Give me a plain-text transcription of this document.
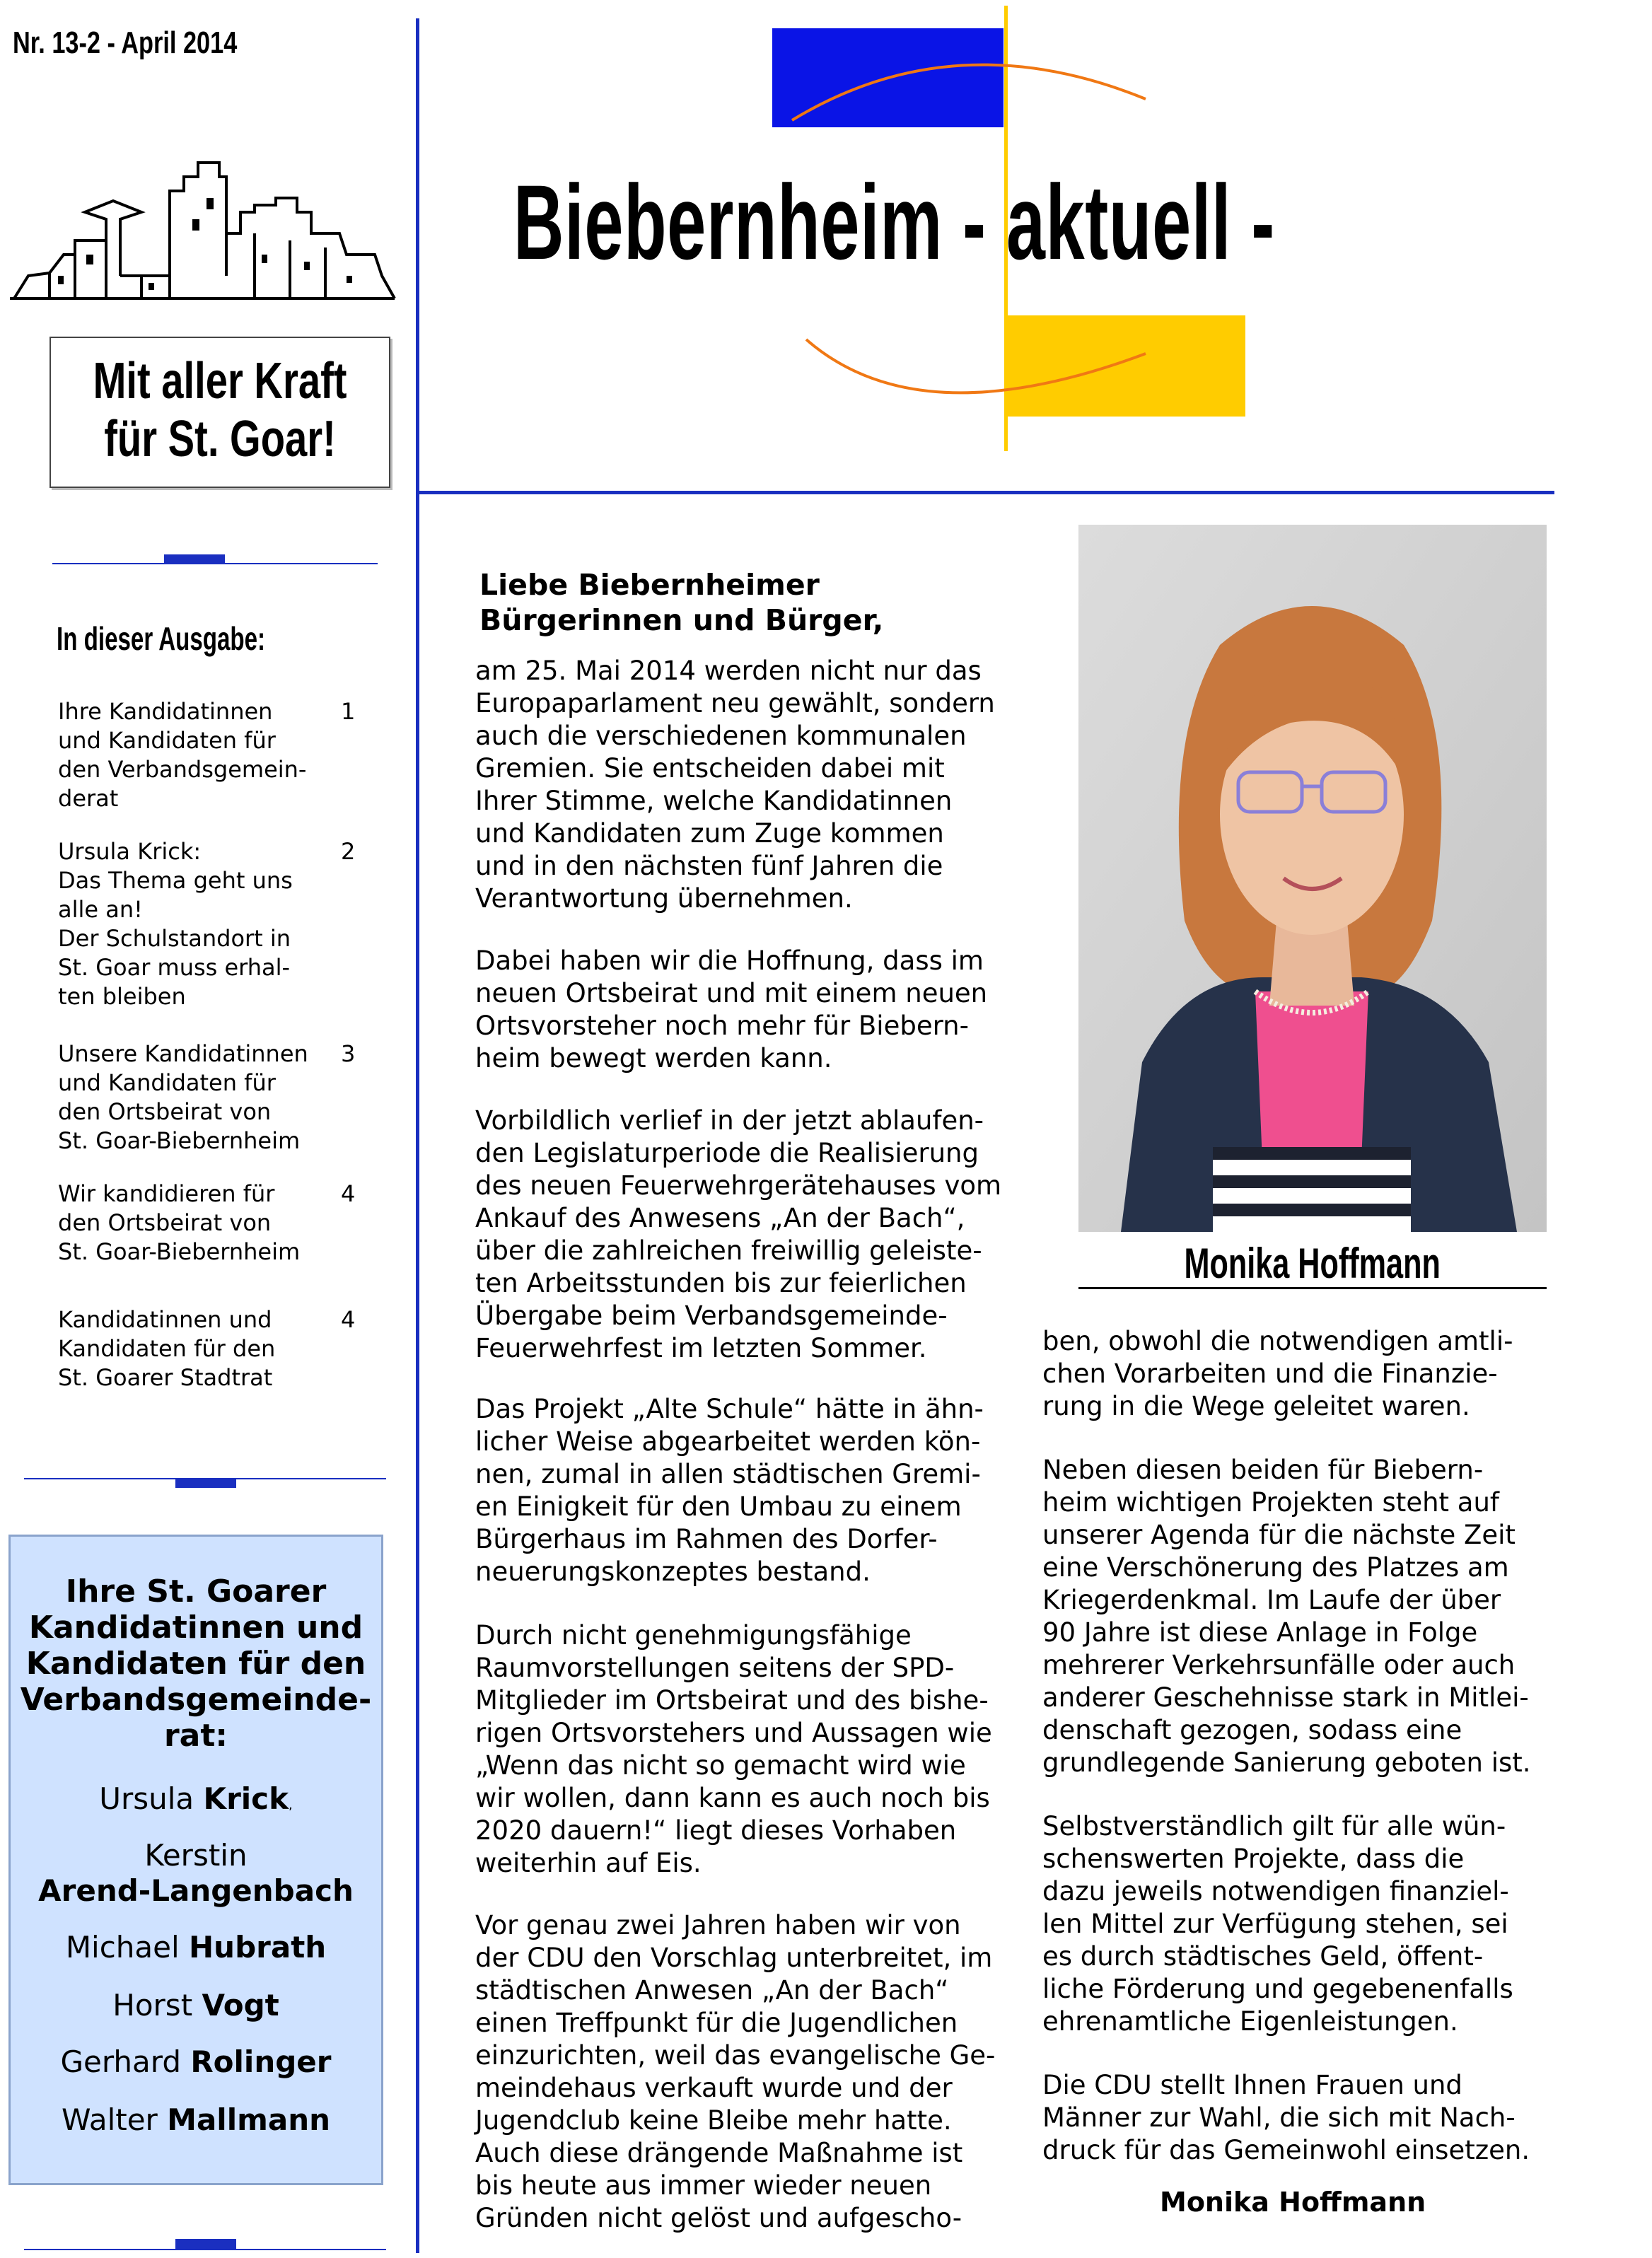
Nr. 13-2 - April 2014
Biebernheim - aktuell -
Mit aller Kraft
für St. Goar!
In dieser Ausgabe:
Ihre Kandidatinnen
und Kandidaten für
den Verbandsgemein-
derat
1
Ursula Krick:
Das Thema geht uns
alle an!
Der Schulstandort in
St. Goar muss erhal-
ten bleiben
2
Unsere Kandidatinnen
und Kandidaten für
den Ortsbeirat von
St. Goar-Biebernheim
3
Wir kandidieren für
den Ortsbeirat von
St. Goar-Biebernheim
4
Kandidatinnen und
Kandidaten für den
St. Goarer Stadtrat
4
Ihre St. Goarer
Kandidatinnen und
Kandidaten für den
Verbandsgemeinde-
rat:
Ursula Krick,
Kerstin
Arend-Langenbach
Michael Hubrath
Horst Vogt
Gerhard Rolinger
Walter Mallmann
Liebe Biebernheimer
Bürgerinnen und Bürger,
am 25. Mai 2014 werden nicht nur das
Europaparlament neu gewählt, sondern
auch die verschiedenen kommunalen
Gremien. Sie entscheiden dabei mit
Ihrer Stimme, welche Kandidatinnen
und Kandidaten zum Zuge kommen
und in den nächsten fünf Jahren die
Verantwortung übernehmen.
Dabei haben wir die Hoffnung, dass im
neuen Ortsbeirat und mit einem neuen
Ortsvorsteher noch mehr für Biebern-
heim bewegt werden kann.
Vorbildlich verlief in der jetzt ablaufen-
den Legislaturperiode die Realisierung
des neuen Feuerwehrgerätehauses vom
Ankauf des Anwesens „An der Bach“,
über die zahlreichen freiwillig geleiste-
ten Arbeitsstunden bis zur feierlichen
Übergabe beim Verbandsgemeinde-
Feuerwehrfest im letzten Sommer.
Das Projekt „Alte Schule“ hätte in ähn-
licher Weise abgearbeitet werden kön-
nen, zumal in allen städtischen Gremi-
en Einigkeit für den Umbau zu einem
Bürgerhaus im Rahmen des Dorfer-
neuerungskonzeptes bestand.
Durch nicht genehmigungsfähige
Raumvorstellungen seitens der SPD-
Mitglieder im Ortsbeirat und des bishe-
rigen Ortsvorstehers und Aussagen wie
„Wenn das nicht so gemacht wird wie
wir wollen, dann kann es auch noch bis
2020 dauern!“ liegt dieses Vorhaben
weiterhin auf Eis.
Vor genau zwei Jahren haben wir von
der CDU den Vorschlag unterbreitet, im
städtischen Anwesen „An der Bach“
einen Treffpunkt für die Jugendlichen
einzurichten, weil das evangelische Ge-
meindehaus verkauft wurde und der
Jugendclub keine Bleibe mehr hatte.
Auch diese drängende Maßnahme ist
bis heute aus immer wieder neuen
Gründen nicht gelöst und aufgescho-
Monika Hoffmann
ben, obwohl die notwendigen amtli-
chen Vorarbeiten und die Finanzie-
rung in die Wege geleitet waren.
Neben diesen beiden für Biebern-
heim wichtigen Projekten steht auf
unserer Agenda für die nächste Zeit
eine Verschönerung des Platzes am
Kriegerdenkmal. Im Laufe der über
90 Jahre ist diese Anlage in Folge
mehrerer Verkehrsunfälle oder auch
anderer Geschehnisse stark in Mitlei-
denschaft gezogen, sodass eine
grundlegende Sanierung geboten ist.
Selbstverständlich gilt für alle wün-
schenswerten Projekte, dass die
dazu jeweils notwendigen finanziel-
len Mittel zur Verfügung stehen, sei
es durch städtisches Geld, öffent-
liche Förderung und gegebenenfalls
ehrenamtliche Eigenleistungen.
Die CDU stellt Ihnen Frauen und
Männer zur Wahl, die sich mit Nach-
druck für das Gemeinwohl einsetzen.
Monika Hoffmann
